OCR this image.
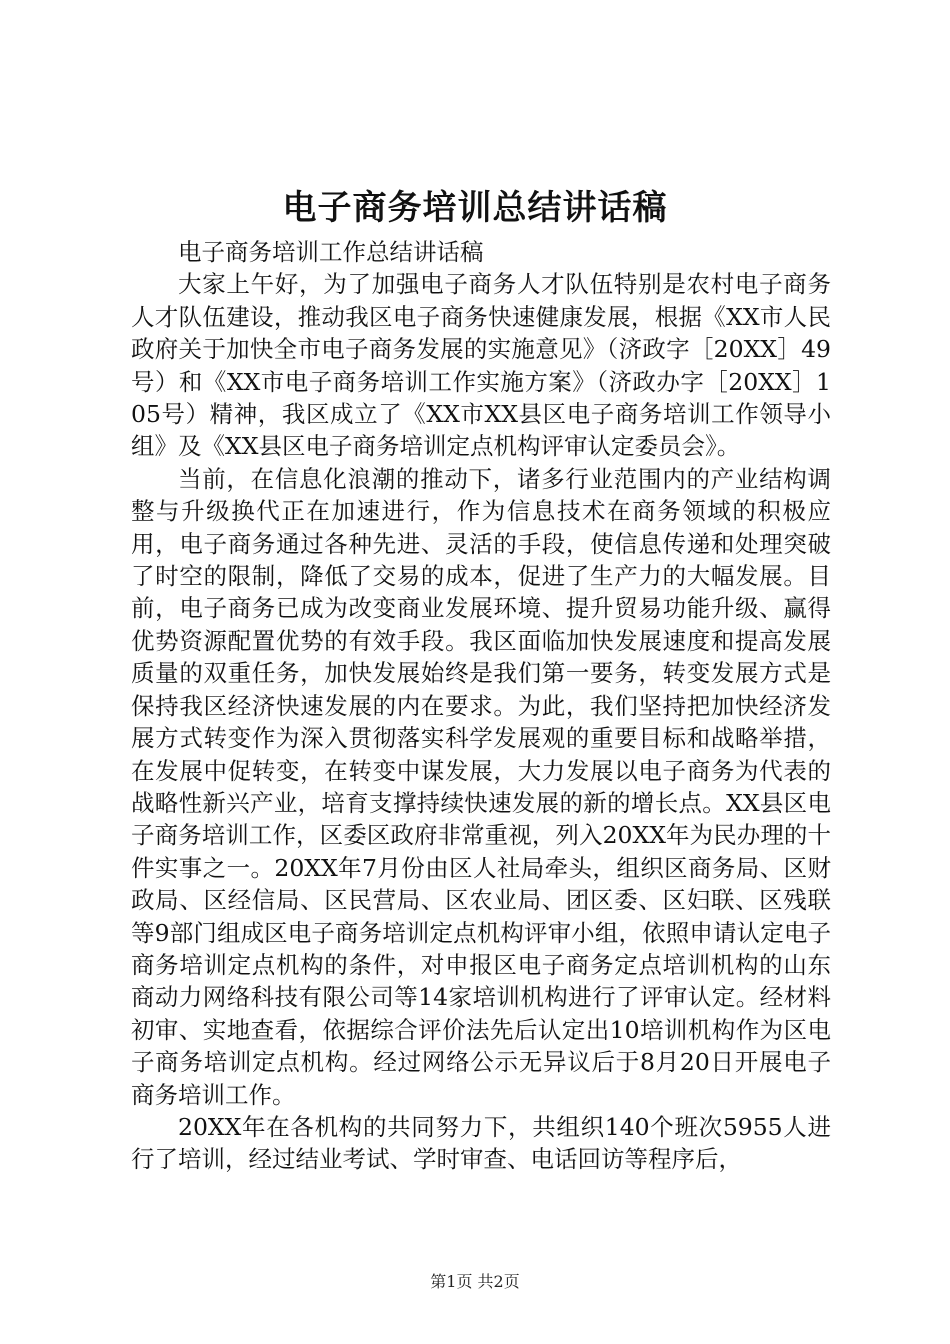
电子商务培训总结讲话稿

电子商务培训工作总结讲话稿

大家上午好，为了加强电子商务人才队伍特别是农村电子商务人才队伍建设，推动我区电子商务快速健康发展，根据《XX市人民政府关于加快全市电子商务发展的实施意见》（济政字［20XX］49号）和《XX市电子商务培训工作实施方案》（济政办字［20XX］105号）精神，我区成立了《XX市XX县区电子商务培训工作领导小组》及《XX县区电子商务培训定点机构评审认定委员会》。

当前，在信息化浪潮的推动下，诸多行业范围内的产业结构调整与升级换代正在加速进行，作为信息技术在商务领域的积极应用，电子商务通过各种先进、灵活的手段，使信息传递和处理突破了时空的限制，降低了交易的成本，促进了生产力的大幅发展。目前，电子商务已成为改变商业发展环境、提升贸易功能升级、赢得优势资源配置优势的有效手段。我区面临加快发展速度和提高发展质量的双重任务，加快发展始终是我们第一要务，转变发展方式是保持我区经济快速发展的内在要求。为此，我们坚持把加快经济发展方式转变作为深入贯彻落实科学发展观的重要目标和战略举措，在发展中促转变，在转变中谋发展，大力发展以电子商务为代表的战略性新兴产业，培育支撑持续快速发展的新的增长点。XX县区电子商务培训工作，区委区政府非常重视，列入20XX年为民办理的十件实事之一。20XX年7月份由区人社局牵头，组织区商务局、区财政局、区经信局、区民营局、区农业局、团区委、区妇联、区残联等9部门组成区电子商务培训定点机构评审小组，依照申请认定电子商务培训定点机构的条件，对申报区电子商务定点培训机构的山东商动力网络科技有限公司等14家培训机构进行了评审认定。经材料初审、实地查看，依据综合评价法先后认定出10培训机构作为区电子商务培训定点机构。经过网络公示无异议后于8月20日开展电子商务培训工作。

20XX年在各机构的共同努力下，共组织140个班次5955人进行了培训，经过结业考试、学时审查、电话回访等程序后，

第1页 共2页
